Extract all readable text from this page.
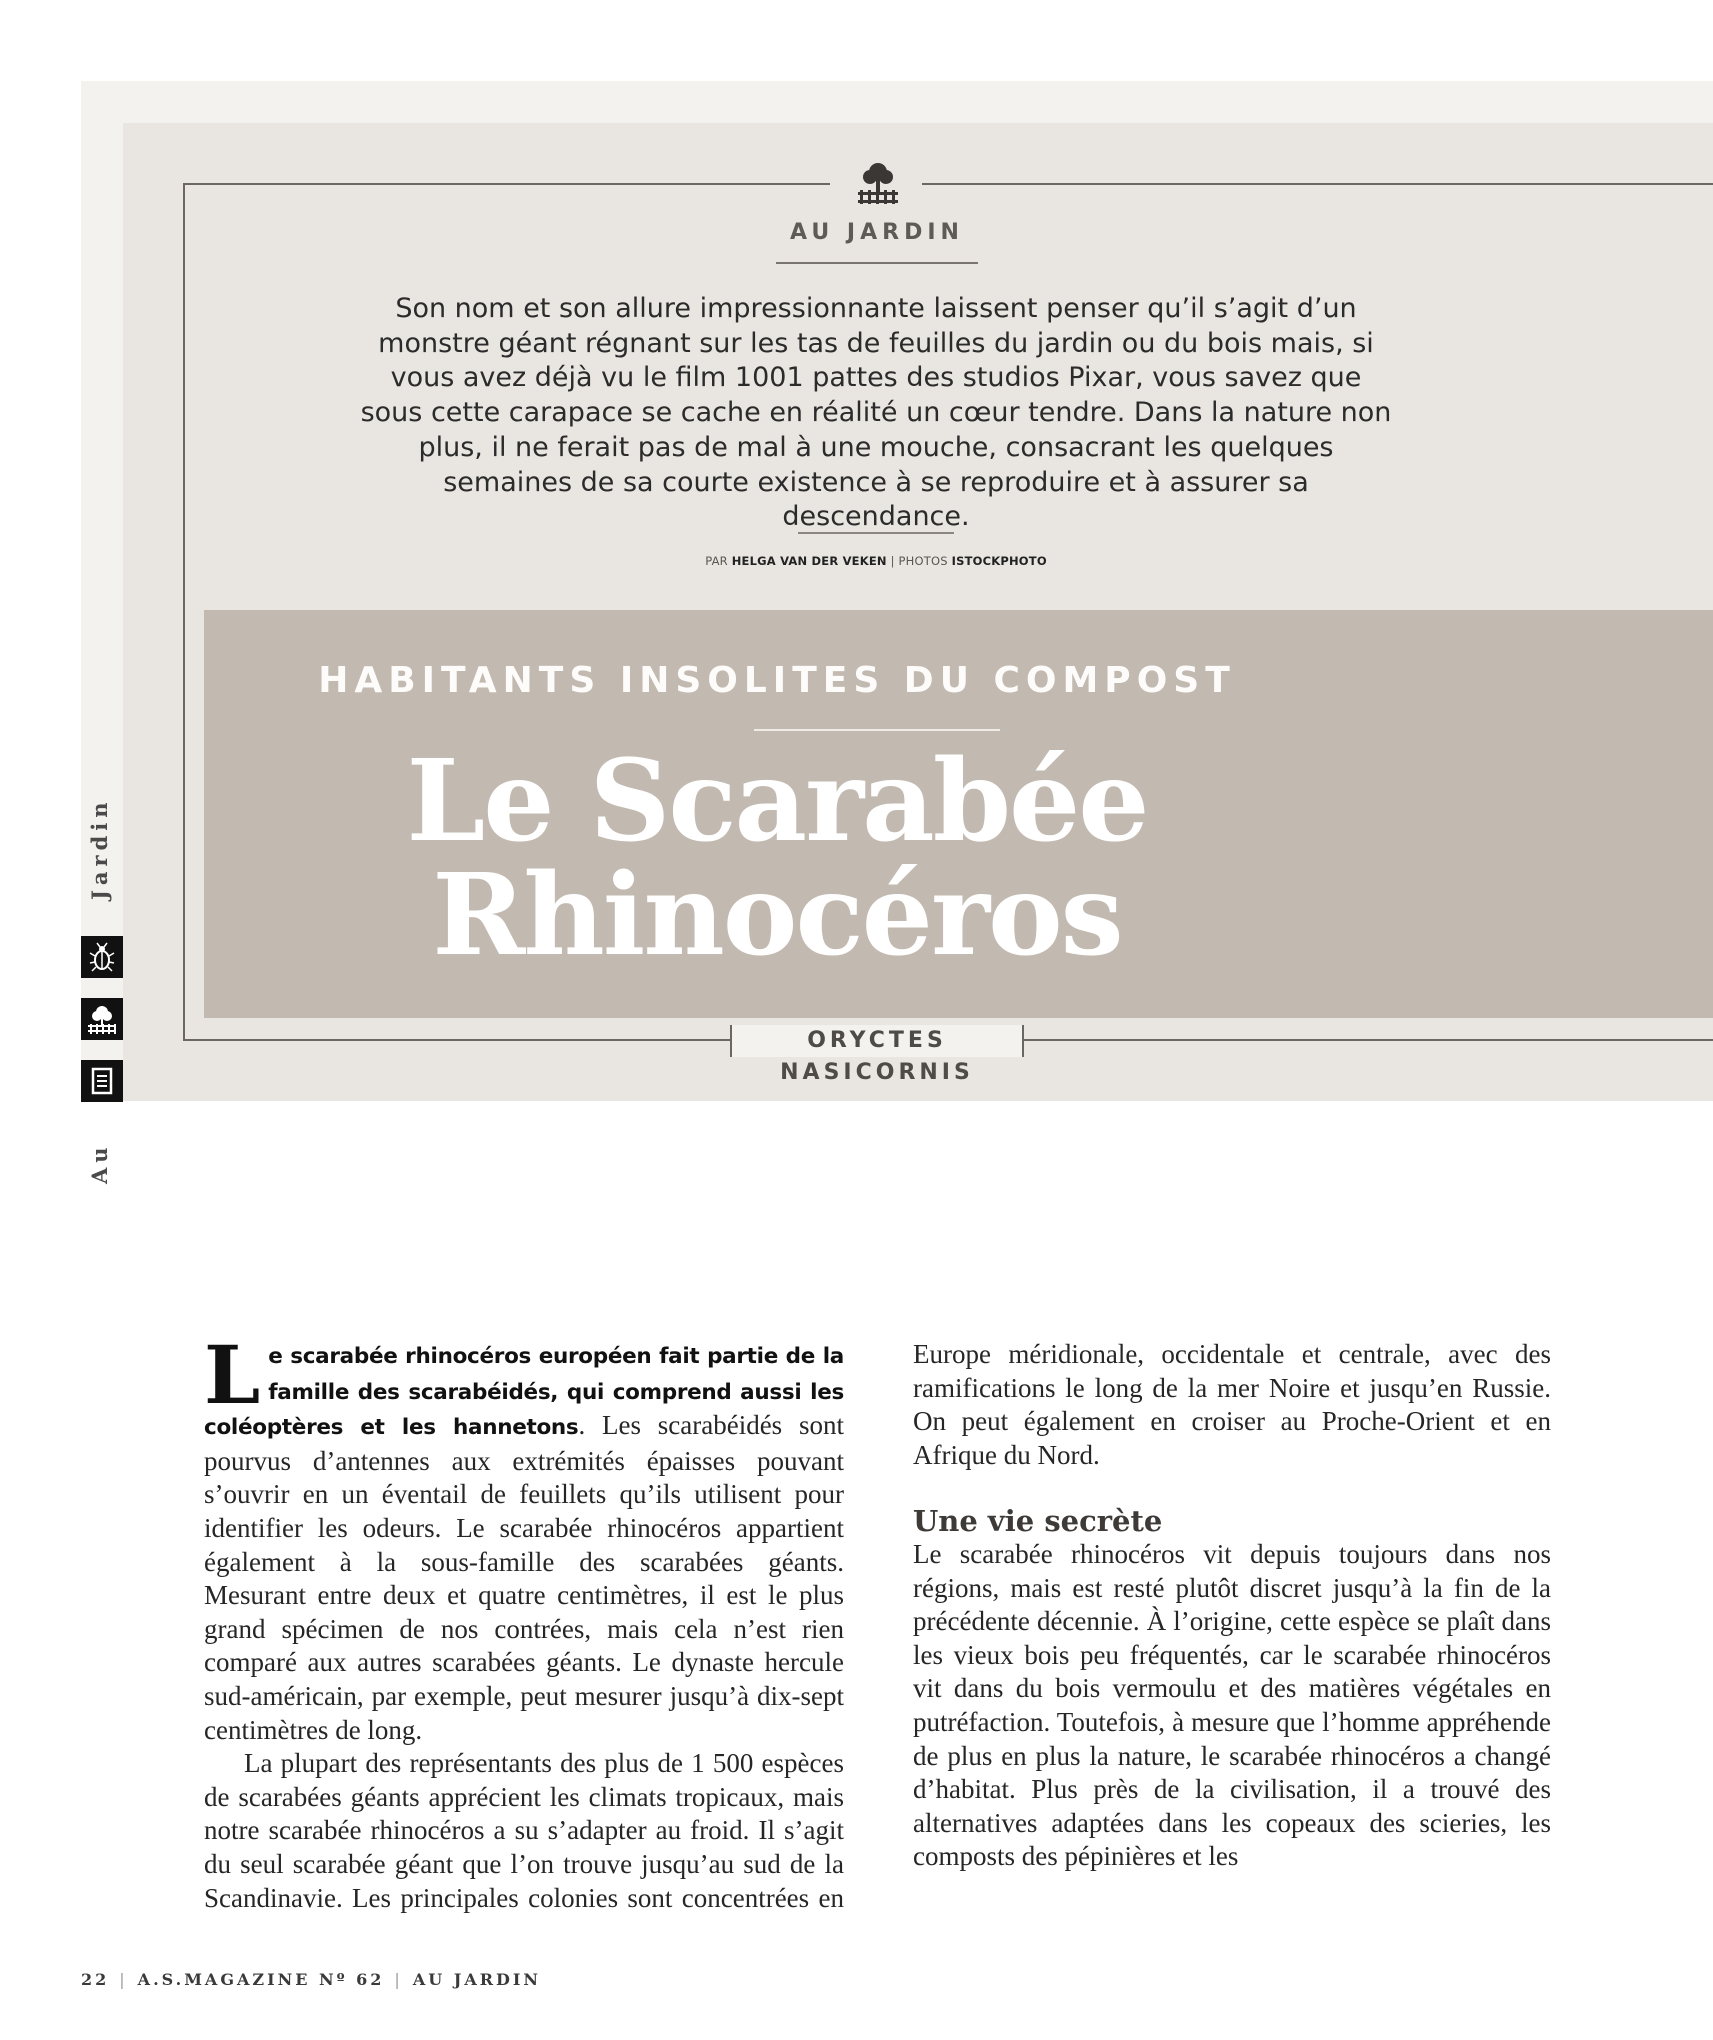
AU JARDIN
Son nom et son allure impressionnante laissent penser qu’il s’agit d’un monstre géant régnant sur les tas de feuilles du jardin ou du bois mais, si vous avez déjà vu le film 1001 pattes des studios Pixar, vous savez que sous cette carapace se cache en réalité un cœur tendre. Dans la nature non plus, il ne ferait pas de mal à une mouche, consacrant les quelques semaines de sa courte existence à se reproduire et à assurer sa descendance.
PAR HELGA VAN DER VEKEN | PHOTOS ISTOCKPHOTO
HABITANTS INSOLITES DU COMPOST
Le Scarabée
Rhinocéros
ORYCTES NASICORNIS
Jardin
Au

Le scarabée rhinocéros européen fait partie de la famille des scarabéidés, qui comprend aussi les coléoptères et les hannetons. Les scarabéidés sont pourvus d’antennes aux extrémités épaisses pouvant s’ouvrir en un éventail de feuillets qu’ils utilisent pour identifier les odeurs. Le scarabée rhinocéros appartient également à la sous-famille des scarabées géants. Mesurant entre deux et quatre centimètres, il est le plus grand spécimen de nos contrées, mais cela n’est rien comparé aux autres scarabées géants. Le dynaste hercule sud-américain, par exemple, peut mesurer jusqu’à dix-sept centimètres de long.

La plupart des représentants des plus de 1 500 espèces de scarabées géants apprécient les climats tropicaux, mais notre scarabée rhinocéros a su s’adapter au froid. Il s’agit du seul scarabée géant que l’on trouve jusqu’au sud de la Scandinavie. Les principales colonies sont concentrées en

Europe méridionale, occidentale et centrale, avec des ramifications le long de la mer Noire et jusqu’en Russie. On peut également en croiser au Proche-Orient et en Afrique du Nord.

Une vie secrète

Le scarabée rhinocéros vit depuis toujours dans nos régions, mais est resté plutôt discret jusqu’à la fin de la précédente décennie. À l’origine, cette espèce se plaît dans les vieux bois peu fréquentés, car le scarabée rhinocéros vit dans du bois vermoulu et des matières végétales en putréfaction. Toutefois, à mesure que l’homme appréhende de plus en plus la nature, le scarabée rhinocéros a changé d’habitat. Plus près de la civilisation, il a trouvé des alternatives adaptées dans les copeaux des scieries, les composts des pépinières et les

22 | A.S.MAGAZINE Nº 62 | AU JARDIN
